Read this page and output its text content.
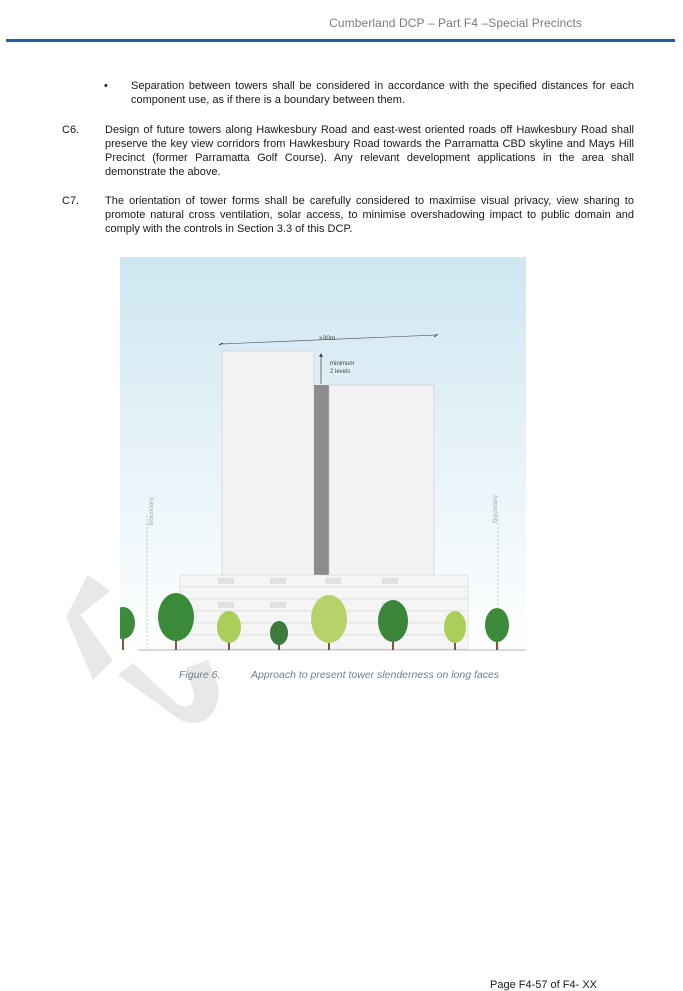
Cumberland DCP – Part F4 –Special Precincts
• Separation between towers shall be considered in accordance with the specified distances for each component use, as if there is a boundary between them.
C6. Design of future towers along Hawkesbury Road and east-west oriented roads off Hawkesbury Road shall preserve the key view corridors from Hawkesbury Road towards the Parramatta CBD skyline and Mays Hill Precinct (former Parramatta Golf Course). Any relevant development applications in the area shall demonstrate the above.
C7. The orientation of tower forms shall be carefully considered to maximise visual privacy, view sharing to promote natural cross ventilation, solar access, to minimise overshadowing impact to public domain and comply with the controls in Section 3.3 of this DCP.
Boundary	Boundary
>30m
minimum
2 levels
Figure 6.	Approach to present tower slenderness on long faces
Page F4-57 of F4- XX
